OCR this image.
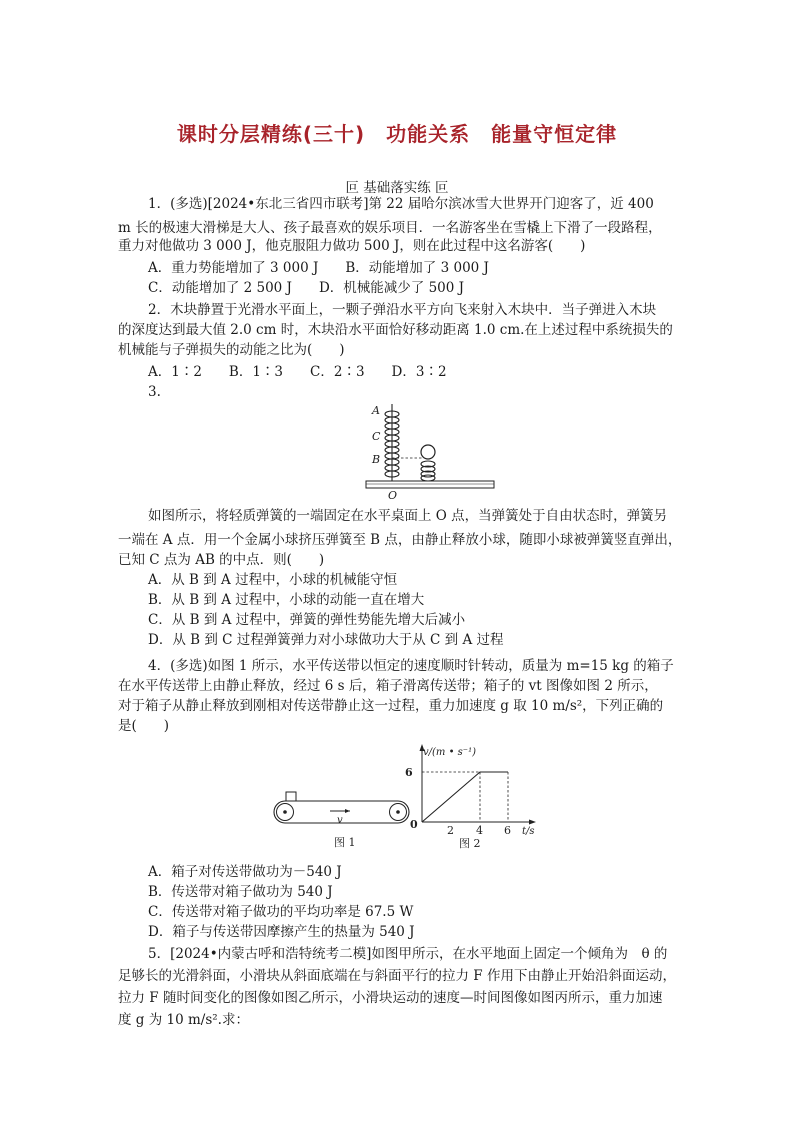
课时分层精练(三十)　功能关系　能量守恒定律
叵 基础落实练 叵
1．(多选)[2024•东北三省四市联考]第 22 届哈尔滨冰雪大世界开门迎客了，近 400
m 长的极速大滑梯是大人、孩子最喜欢的娱乐项目．一名游客坐在雪橇上下滑了一段路程，
重力对他做功 3 000 J，他克服阻力做功 500 J，则在此过程中这名游客(　　)
A．重力势能增加了 3 000 J　　B．动能增加了 3 000 J
C．动能增加了 2 500 J　　D．机械能减少了 500 J
2．木块静置于光滑水平面上，一颗子弹沿水平方向飞来射入木块中．当子弹进入木块
的深度达到最大值 2.0 cm 时，木块沿水平面恰好移动距离 1.0 cm.在上述过程中系统损失的
机械能与子弹损失的动能之比为(　　)
A．1∶2　　B．1∶3　　C．2∶3　　D．3∶2
3.
A
C
B
O
如图所示，将轻质弹簧的一端固定在水平桌面上 O 点，当弹簧处于自由状态时，弹簧另
一端在 A 点．用一个金属小球挤压弹簧至 B 点，由静止释放小球，随即小球被弹簧竖直弹出，
已知 C 点为 AB 的中点．则(　　)
A．从 B 到 A 过程中，小球的机械能守恒
B．从 B 到 A 过程中，小球的动能一直在增大
C．从 B 到 A 过程中，弹簧的弹性势能先增大后减小
D．从 B 到 C 过程弹簧弹力对小球做功大于从 C 到 A 过程
4．(多选)如图 1 所示，水平传送带以恒定的速度顺时针转动，质量为 m=15 kg 的箱子
在水平传送带上由静止释放，经过 6 s 后，箱子滑离传送带；箱子的 vt 图像如图 2 所示，
对于箱子从静止释放到刚相对传送带静止这一过程，重力加速度 g 取 10 m/s²，下列正确的
是(　　)
v
图 1
v/(m • s⁻¹)
6
0	2 4 6 t/s
图 2
A．箱子对传送带做功为－540 J
B．传送带对箱子做功为 540 J
C．传送带对箱子做功的平均功率是 67.5 W
D．箱子与传送带因摩擦产生的热量为 540 J
5．[2024•内蒙古呼和浩特统考二模]如图甲所示，在水平地面上固定一个倾角为　θ 的
足够长的光滑斜面，小滑块从斜面底端在与斜面平行的拉力 F 作用下由静止开始沿斜面运动，
拉力 F 随时间变化的图像如图乙所示，小滑块运动的速度—时间图像如图丙所示，重力加速
度 g 为 10 m/s².求：
